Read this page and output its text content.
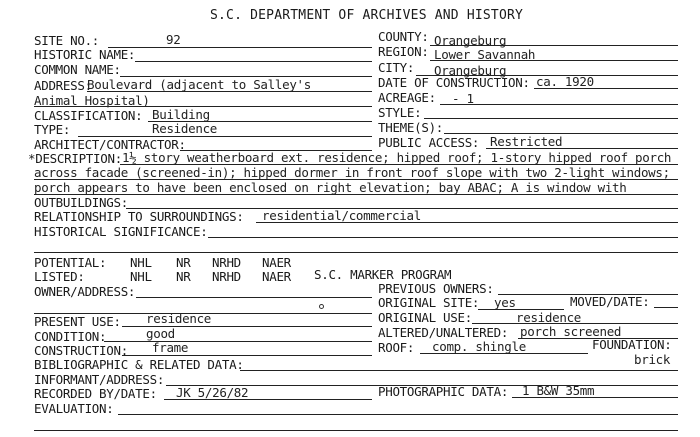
S.C. DEPARTMENT OF ARCHIVES AND HISTORY
SITE NO.:	92
HISTORIC NAME:
COMMON NAME:
ADDRESS:
Boulevard (adjacent to Salley's
Animal Hospital)
CLASSIFICATION: Building
TYPE:	Residence
ARCHITECT/CONTRACTOR:
COUNTY: Orangeburg
REGION: Lower Savannah
CITY: Orangeburg
DATE OF CONSTRUCTION: ca. 1920
ACREAGE: - 1
STYLE:
THEME(S):
PUBLIC ACCESS: Restricted
*DESCRIPTION: 1½ story weatherboard ext. residence; hipped roof; 1-story hipped roof porch
across facade (screened-in); hipped dormer in front roof slope with two 2-light windows;
porch appears to have been enclosed on right elevation; bay ABAC; A is window with
OUTBUILDINGS:
RELATIONSHIP TO SURROUNDINGS: residential/commercial
HISTORICAL SIGNIFICANCE:
POTENTIAL: NHL NR NRHD NAER
LISTED:	NHL NR NRHD NAER S.C. MARKER PROGRAM
OWNER/ADDRESS:	PREVIOUS OWNERS:
ORIGINAL SITE: yes	MOVED/DATE:
PRESENT USE: residence	ORIGINAL USE:	residence
CONDITION:	good	ALTERED/UNALTERED: porch screened
CONSTRUCTION: frame	ROOF: comp. shingle	FOUNDATION:
brick
BIBLIOGRAPHIC & RELATED DATA:
INFORMANT/ADDRESS:
RECORDED BY/DATE: JK 5/26/82	PHOTOGRAPHIC DATA: 1 B&W 35mm
EVALUATION:
